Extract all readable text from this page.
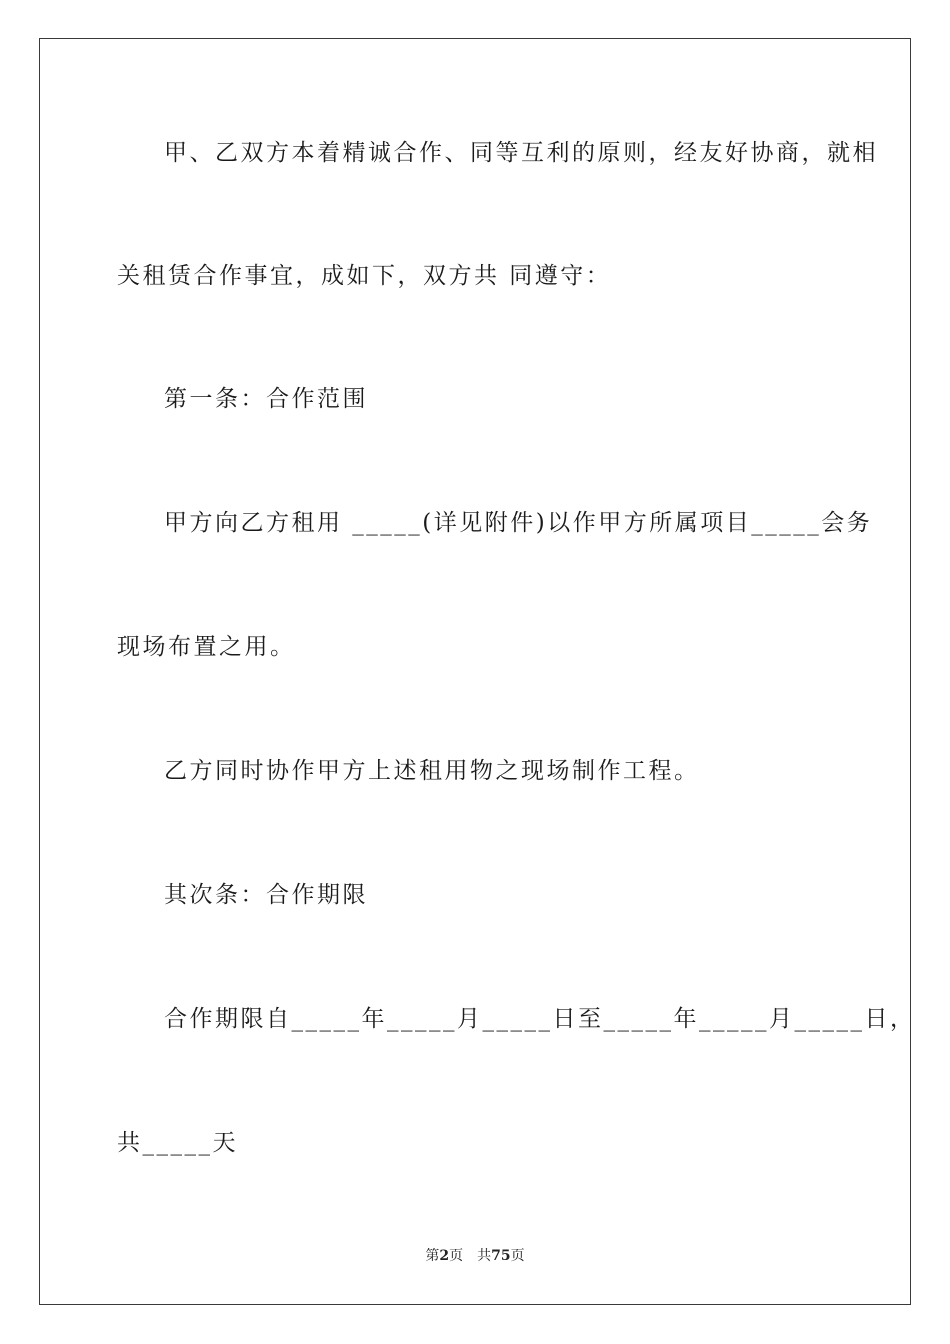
甲、乙双方本着精诚合作、同等互利的原则，经友好协商，就相
关租赁合作事宜，成如下，双方共 同遵守：
第一条：合作范围
甲方向乙方租用 _____(详见附件)以作甲方所属项目_____会务
现场布置之用。
乙方同时协作甲方上述租用物之现场制作工程。
其次条：合作期限
合作期限自_____年_____月_____日至_____年_____月_____日，
共_____天
第2页 共75页
